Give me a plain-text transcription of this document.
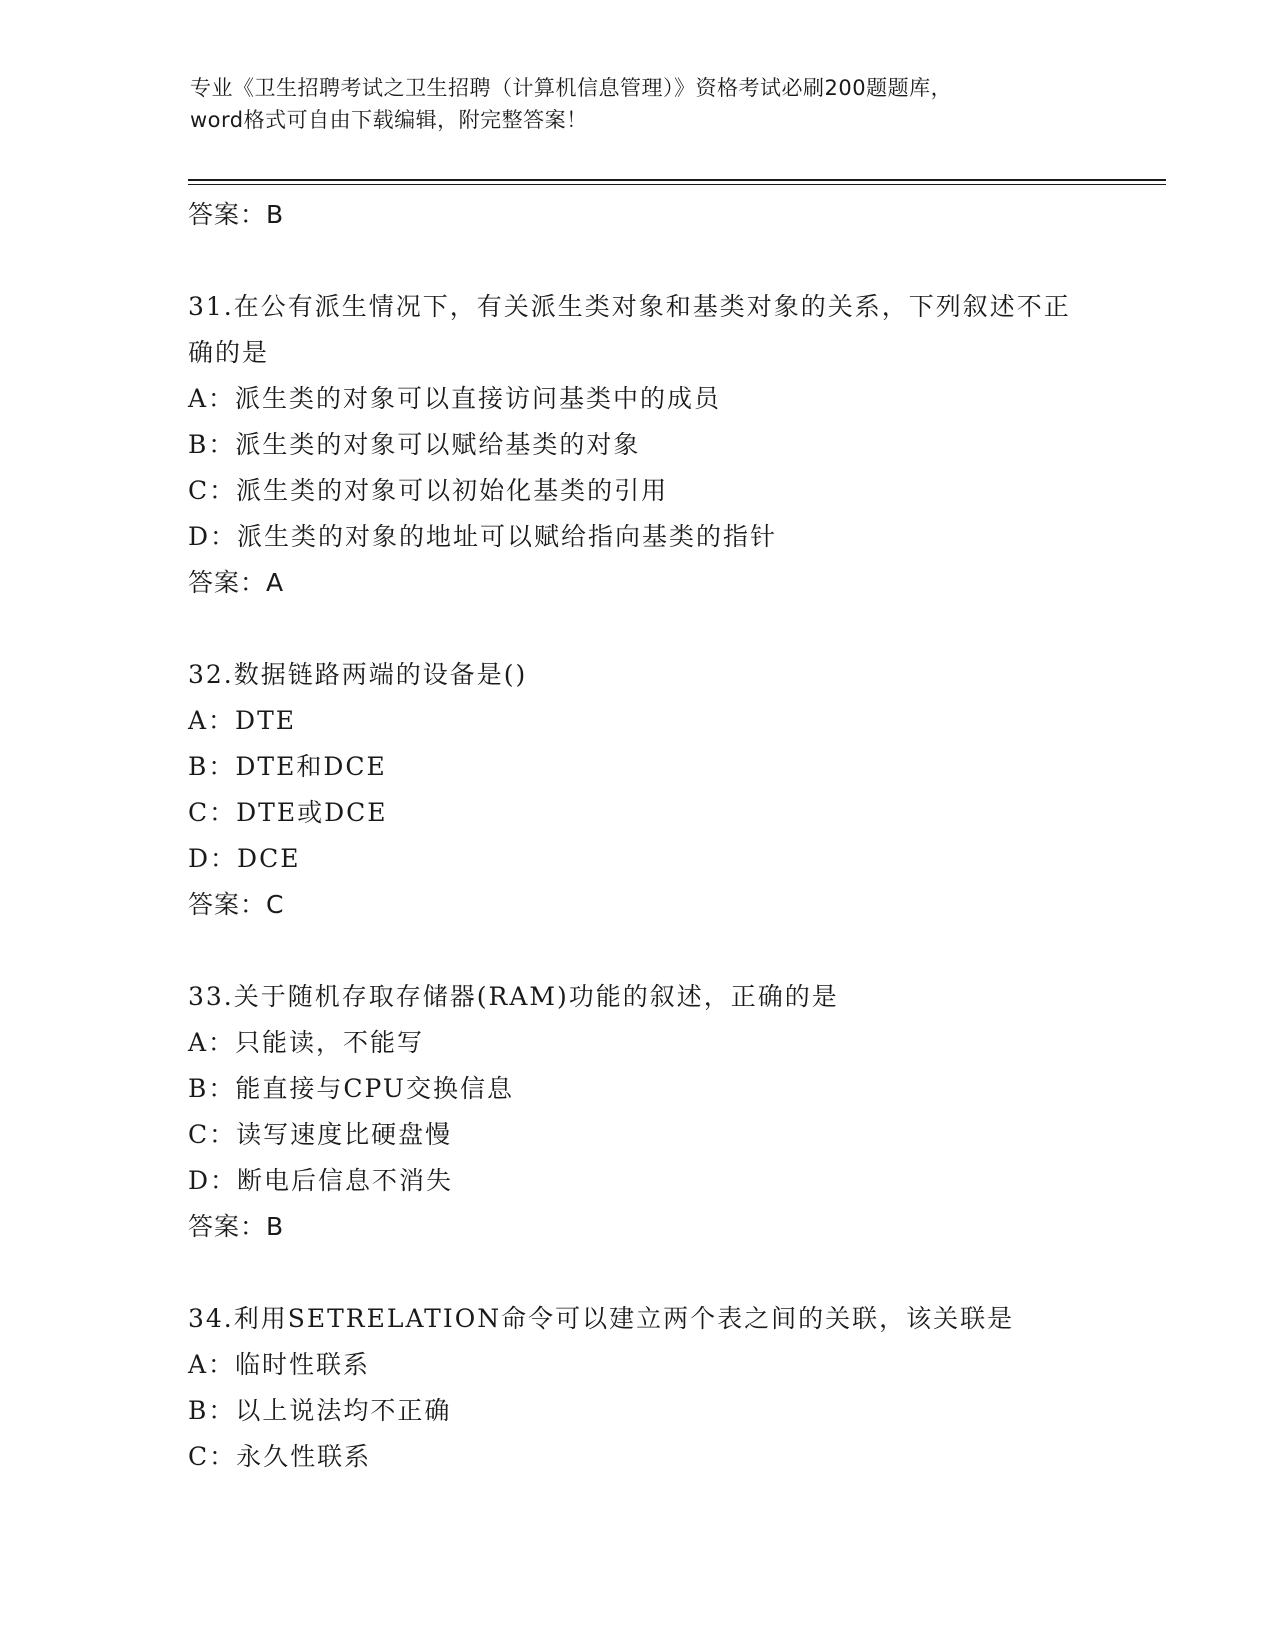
专业《卫生招聘考试之卫生招聘（计算机信息管理）》资格考试必刷200题题库，
word格式可自由下载编辑，附完整答案！
答案：B
31.在公有派生情况下，有关派生类对象和基类对象的关系，下列叙述不正确的是
A：派生类的对象可以直接访问基类中的成员
B：派生类的对象可以赋给基类的对象
C：派生类的对象可以初始化基类的引用
D：派生类的对象的地址可以赋给指向基类的指针
答案：A
32.数据链路两端的设备是()
A：DTE
B：DTE和DCE
C：DTE或DCE
D：DCE
答案：C
33.关于随机存取存储器(RAM)功能的叙述，正确的是
A：只能读，不能写
B：能直接与CPU交换信息
C：读写速度比硬盘慢
D：断电后信息不消失
答案：B
34.利用SETRELATION命令可以建立两个表之间的关联，该关联是
A：临时性联系
B：以上说法均不正确
C：永久性联系
